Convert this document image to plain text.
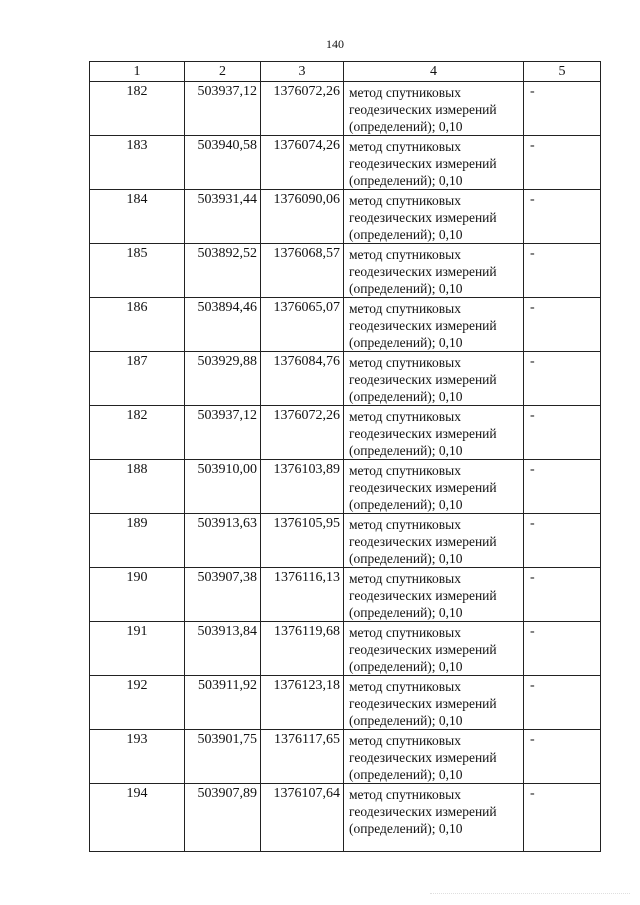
140
1	2	3	4	5
182	503937,12	1376072,26	метод спутниковых
геодезических измерений
(определений); 0,10	-
183	503940,58	1376074,26	метод спутниковых
геодезических измерений
(определений); 0,10	-
184	503931,44	1376090,06	метод спутниковых
геодезических измерений
(определений); 0,10	-
185	503892,52	1376068,57	метод спутниковых
геодезических измерений
(определений); 0,10	-
186	503894,46	1376065,07	метод спутниковых
геодезических измерений
(определений); 0,10	-
187	503929,88	1376084,76	метод спутниковых
геодезических измерений
(определений); 0,10	-
182	503937,12	1376072,26	метод спутниковых
геодезических измерений
(определений); 0,10	-
188	503910,00	1376103,89	метод спутниковых
геодезических измерений
(определений); 0,10	-
189	503913,63	1376105,95	метод спутниковых
геодезических измерений
(определений); 0,10	-
190	503907,38	1376116,13	метод спутниковых
геодезических измерений
(определений); 0,10	-
191	503913,84	1376119,68	метод спутниковых
геодезических измерений
(определений); 0,10	-
192	503911,92	1376123,18	метод спутниковых
геодезических измерений
(определений); 0,10	-
193	503901,75	1376117,65	метод спутниковых
геодезических измерений
(определений); 0,10	-
194	503907,89	1376107,64	метод спутниковых
геодезических измерений
(определений); 0,10	-
